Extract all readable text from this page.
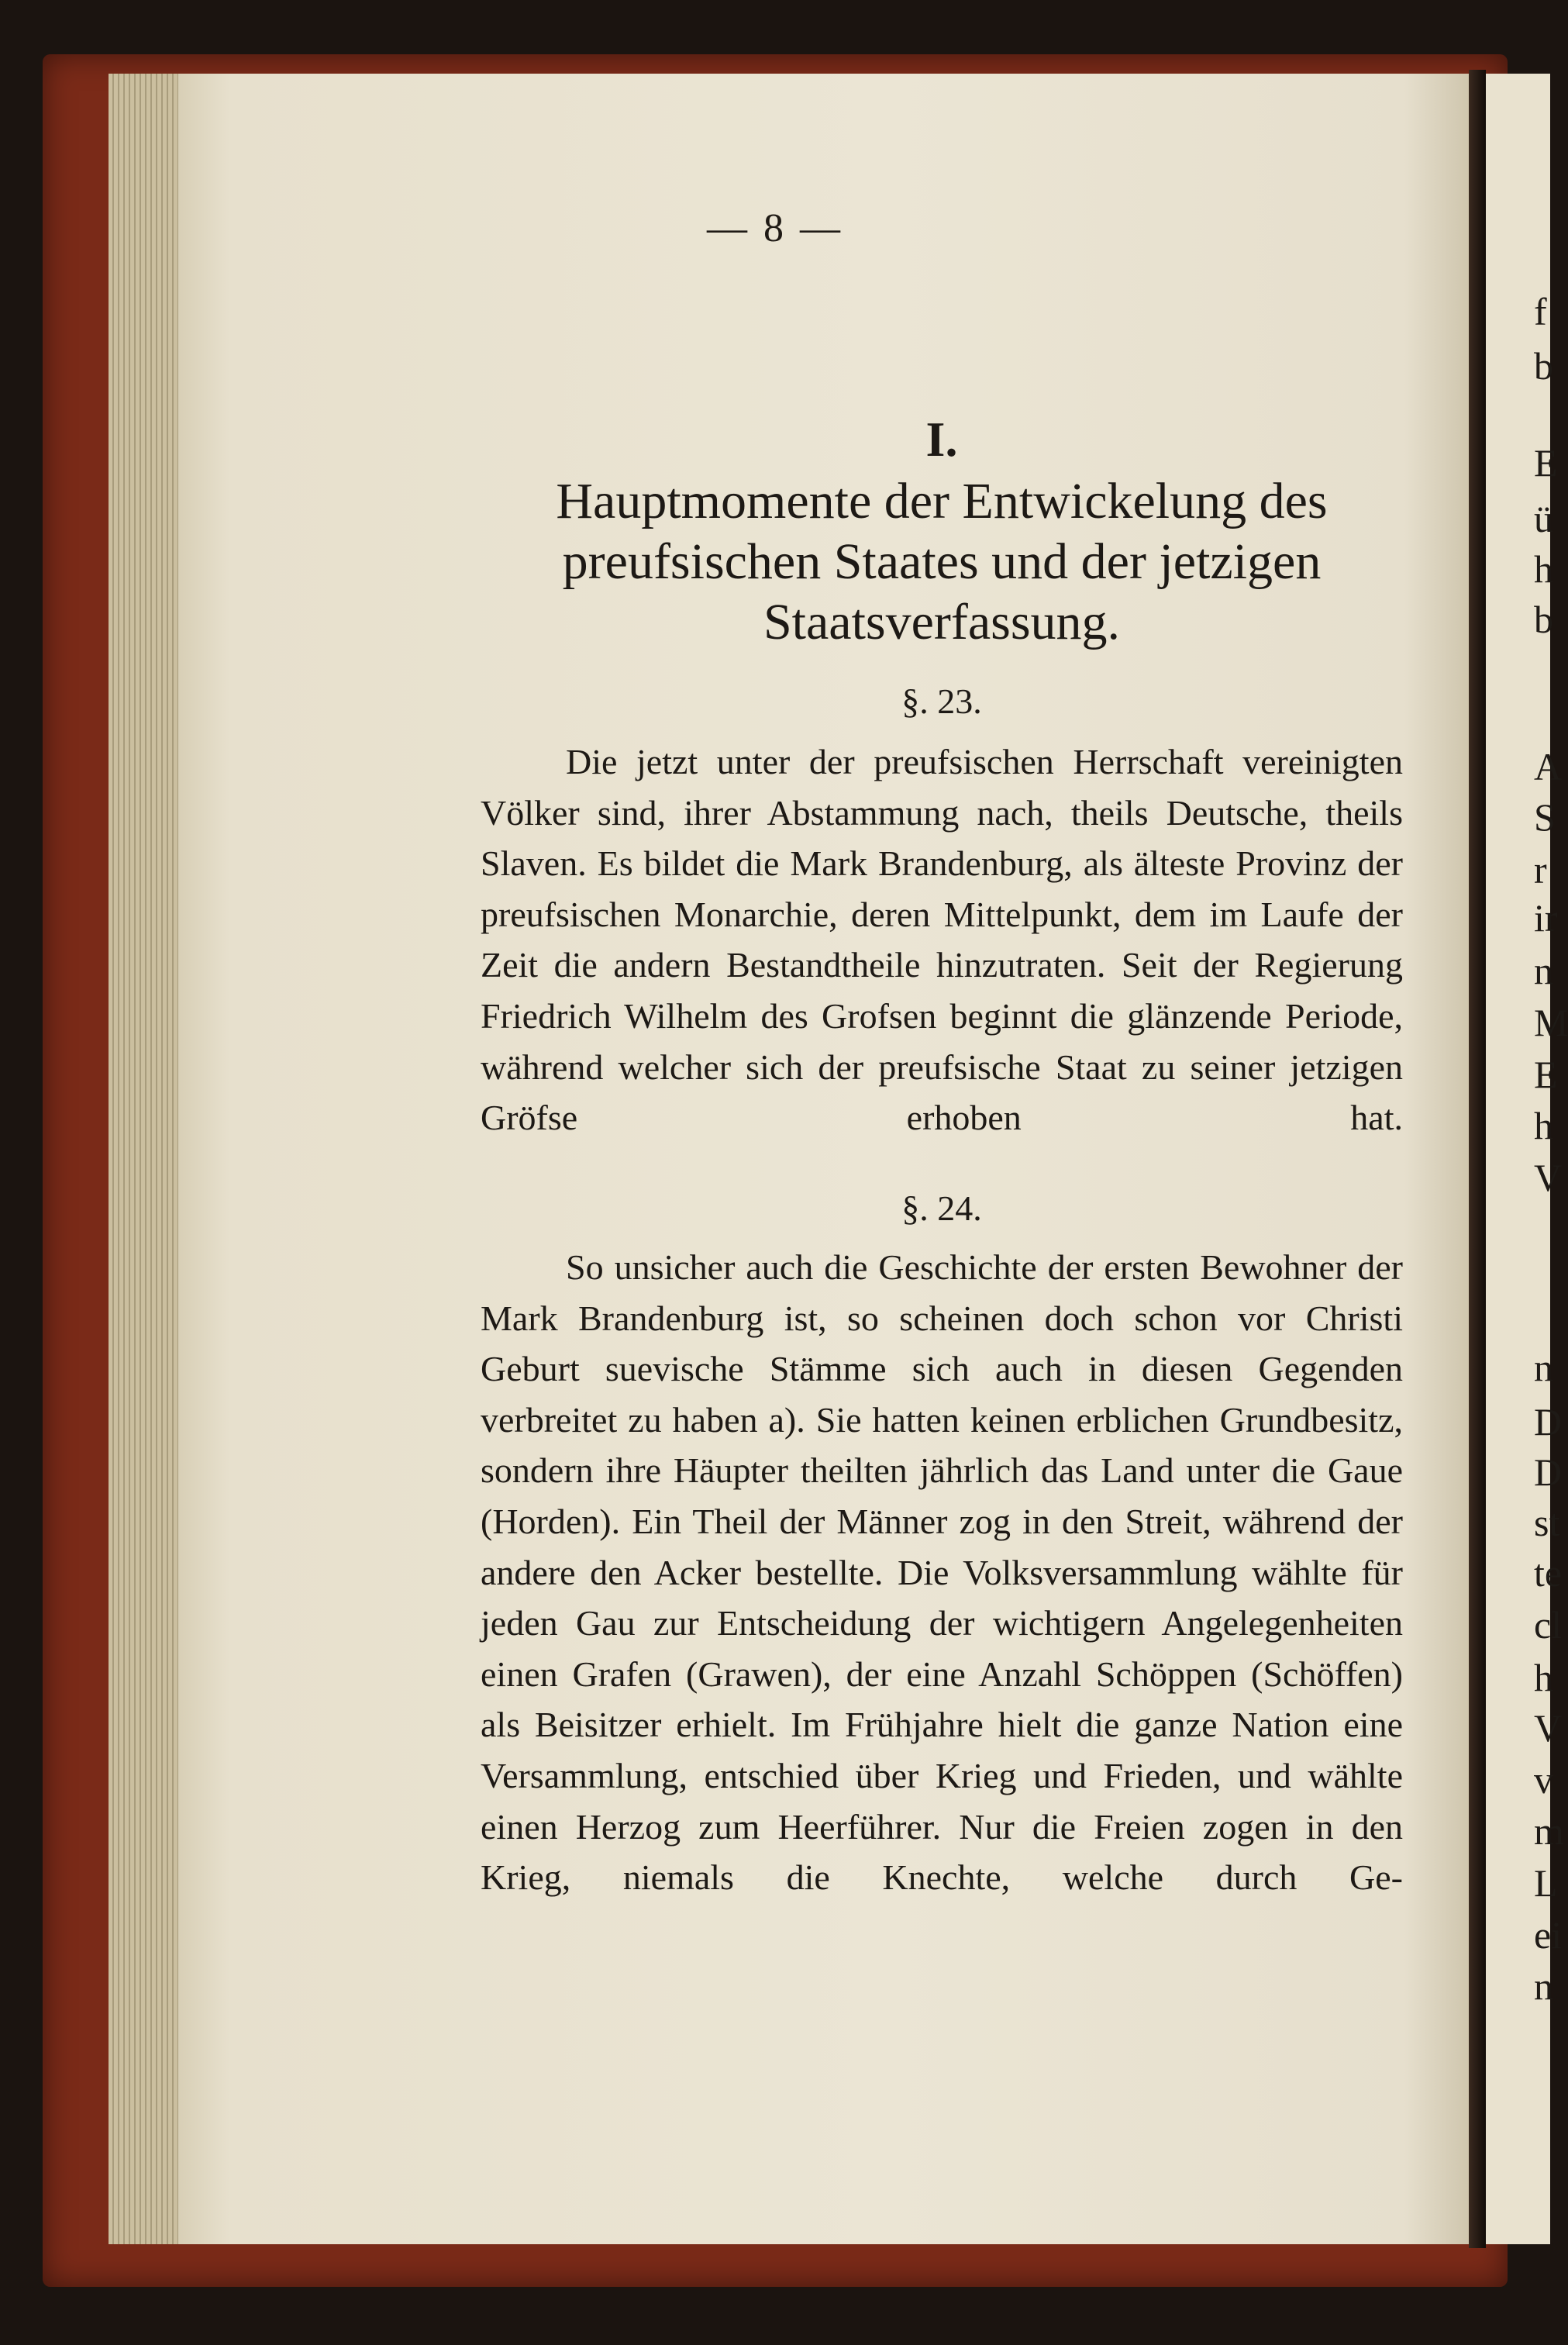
f
b
E
ü
h
b
A
S
r
ir
n
M
E
h
V
n
D
D
st
te
cl
h
V
v
m
L
ei
n
— 8 —
I.
Hauptmomente der Entwickelung des preufsischen Staates und der jetzigen Staatsverfassung.
§. 23.

Die jetzt unter der preufsischen Herrschaft vereinigten Völker sind, ihrer Abstammung nach, theils Deutsche, theils Slaven. Es bildet die Mark Brandenburg, als älteste Provinz der preufsischen Monarchie, deren Mittelpunkt, dem im Laufe der Zeit die andern Bestandtheile hinzutraten. Seit der Regierung Friedrich Wilhelm des Grofsen beginnt die glänzende Periode, während welcher sich der preufsische Staat zu seiner jetzigen Gröfse erhoben hat.

§. 24.

So unsicher auch die Geschichte der ersten Bewohner der Mark Brandenburg ist, so scheinen doch schon vor Christi Geburt suevische Stämme sich auch in diesen Gegenden verbreitet zu haben a). Sie hatten keinen erblichen Grundbesitz, sondern ihre Häupter theilten jährlich das Land unter die Gaue (Horden). Ein Theil der Männer zog in den Streit, während der andere den Acker bestellte. Die Volksversammlung wählte für jeden Gau zur Entscheidung der wichtigern Angelegenheiten einen Grafen (Grawen), der eine Anzahl Schöppen (Schöffen) als Beisitzer erhielt. Im Frühjahre hielt die ganze Nation eine Versammlung, entschied über Krieg und Frieden, und wählte einen Herzog zum Heerführer. Nur die Freien zogen in den Krieg, niemals die Knechte, welche durch Ge-
